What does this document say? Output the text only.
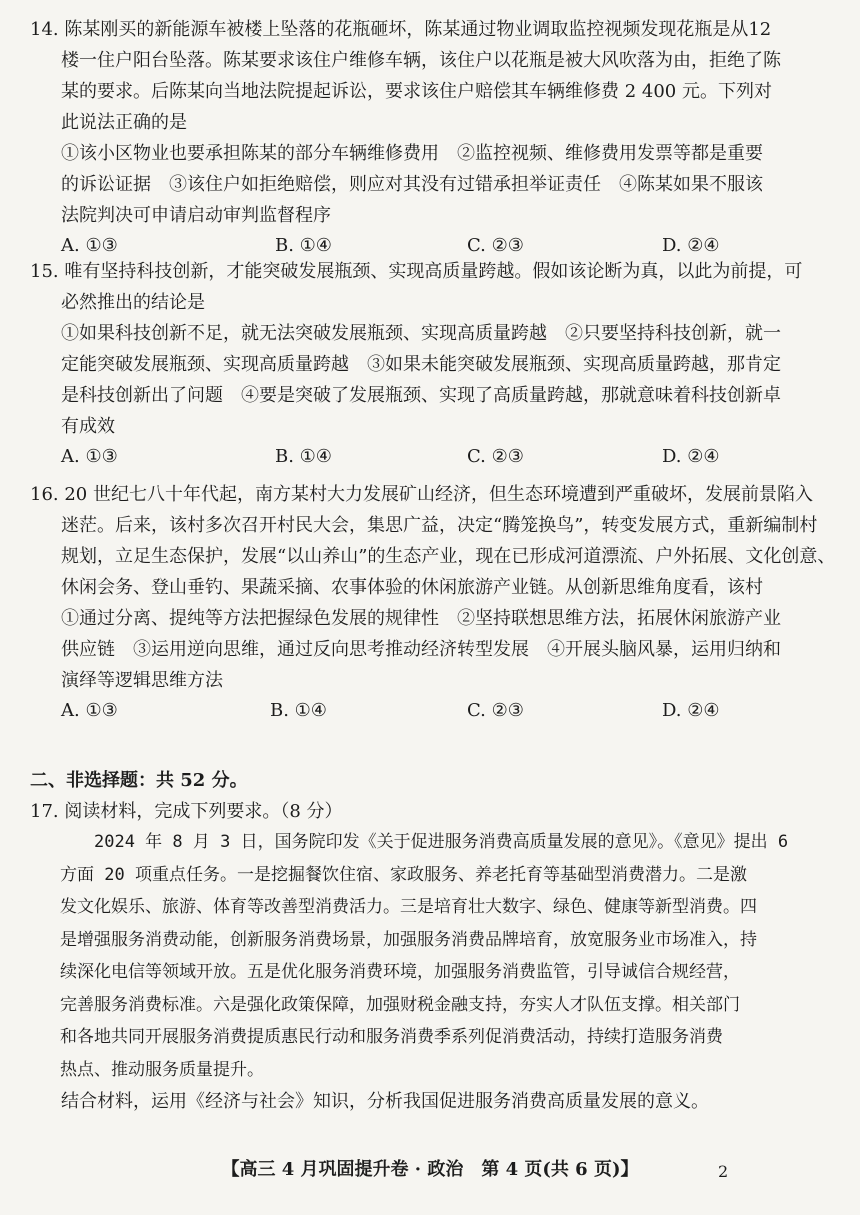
14. 陈某刚买的新能源车被楼上坠落的花瓶砸坏，陈某通过物业调取监控视频发现花瓶是从12
楼一住户阳台坠落。陈某要求该住户维修车辆，该住户以花瓶是被大风吹落为由，拒绝了陈
某的要求。后陈某向当地法院提起诉讼，要求该住户赔偿其车辆维修费 2 400 元。下列对
此说法正确的是
①该小区物业也要承担陈某的部分车辆维修费用　②监控视频、维修费用发票等都是重要
的诉讼证据　③该住户如拒绝赔偿，则应对其没有过错承担举证责任　④陈某如果不服该
法院判决可申请启动审判监督程序
A. ①③	B. ①④	C. ②③	D. ②④
15. 唯有坚持科技创新，才能突破发展瓶颈、实现高质量跨越。假如该论断为真，以此为前提，可
必然推出的结论是
①如果科技创新不足，就无法突破发展瓶颈、实现高质量跨越　②只要坚持科技创新，就一
定能突破发展瓶颈、实现高质量跨越　③如果未能突破发展瓶颈、实现高质量跨越，那肯定
是科技创新出了问题　④要是突破了发展瓶颈、实现了高质量跨越，那就意味着科技创新卓
有成效
A. ①③	B. ①④	C. ②③	D. ②④
16. 20 世纪七八十年代起，南方某村大力发展矿山经济，但生态环境遭到严重破坏，发展前景陷入
迷茫。后来，该村多次召开村民大会，集思广益，决定“腾笼换鸟”，转变发展方式，重新编制村
规划，立足生态保护，发展“以山养山”的生态产业，现在已形成河道漂流、户外拓展、文化创意、
休闲会务、登山垂钓、果蔬采摘、农事体验的休闲旅游产业链。从创新思维角度看，该村
①通过分离、提纯等方法把握绿色发展的规律性　②坚持联想思维方法，拓展休闲旅游产业
供应链　③运用逆向思维，通过反向思考推动经济转型发展　④开展头脑风暴，运用归纳和
演绎等逻辑思维方法
A. ①③	B. ①④	C. ②③	D. ②④
二、非选择题：共 52 分。
17. 阅读材料，完成下列要求。（8 分）
　　2024 年 8 月 3 日，国务院印发《关于促进服务消费高质量发展的意见》。《意见》提出 6
方面 20 项重点任务。一是挖掘餐饮住宿、家政服务、养老托育等基础型消费潜力。二是激
发文化娱乐、旅游、体育等改善型消费活力。三是培育壮大数字、绿色、健康等新型消费。四
是增强服务消费动能，创新服务消费场景，加强服务消费品牌培育，放宽服务业市场准入，持
续深化电信等领域开放。五是优化服务消费环境，加强服务消费监管，引导诚信合规经营，
完善服务消费标准。六是强化政策保障，加强财税金融支持，夯实人才队伍支撑。相关部门
和各地共同开展服务消费提质惠民行动和服务消费季系列促消费活动，持续打造服务消费
热点、推动服务质量提升。
结合材料，运用《经济与社会》知识，分析我国促进服务消费高质量发展的意义。
【高三 4 月巩固提升卷 · 政治　第 4 页(共 6 页)】	2
